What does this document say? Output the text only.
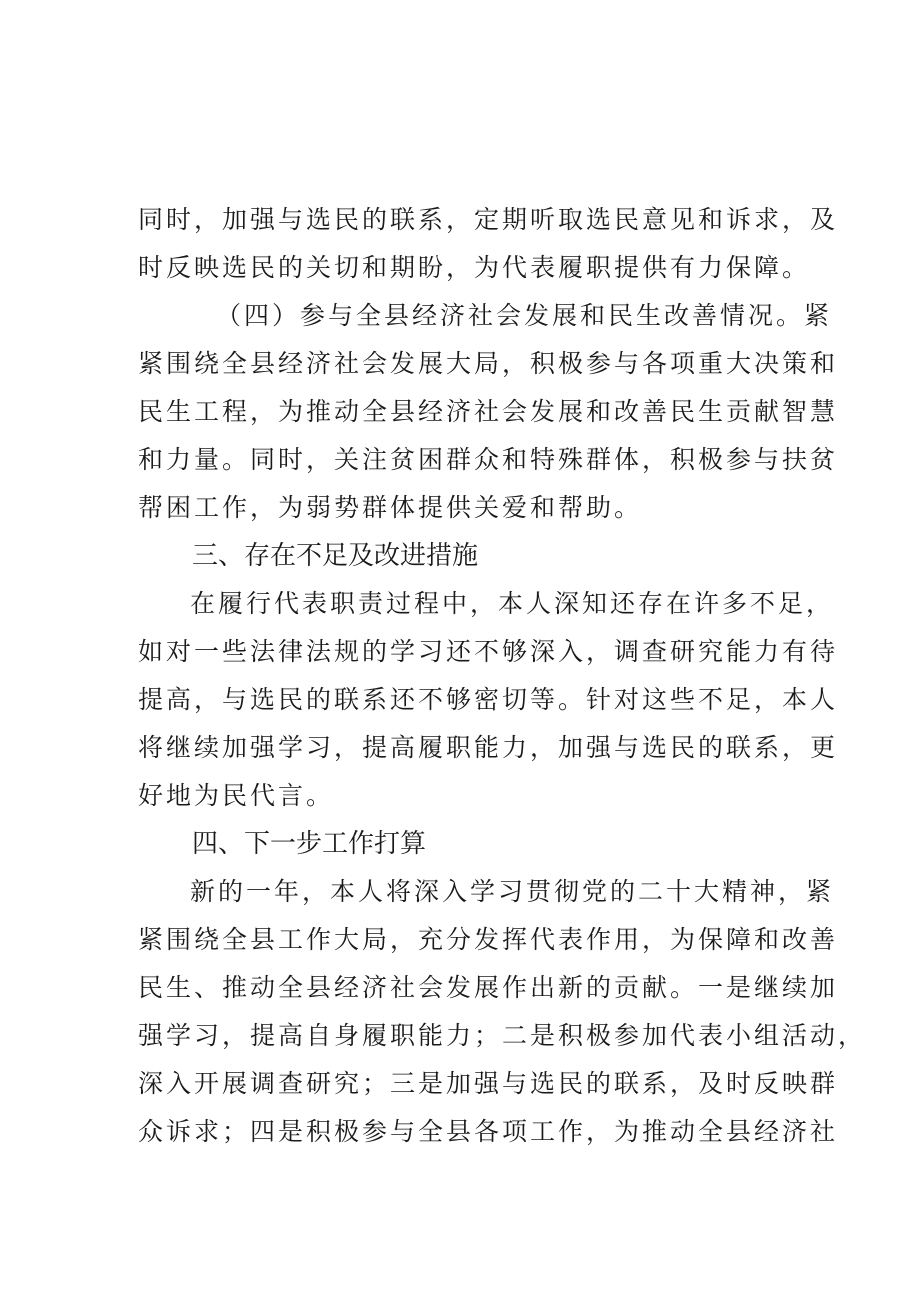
同时，加强与选民的联系，定期听取选民意见和诉求，及
时反映选民的关切和期盼，为代表履职提供有力保障。
（四）参与全县经济社会发展和民生改善情况。紧
紧围绕全县经济社会发展大局，积极参与各项重大决策和
民生工程，为推动全县经济社会发展和改善民生贡献智慧
和力量。同时，关注贫困群众和特殊群体，积极参与扶贫
帮困工作，为弱势群体提供关爱和帮助。
三、存在不足及改进措施
在履行代表职责过程中，本人深知还存在许多不足，
如对一些法律法规的学习还不够深入，调查研究能力有待
提高，与选民的联系还不够密切等。针对这些不足，本人
将继续加强学习，提高履职能力，加强与选民的联系，更
好地为民代言。
四、下一步工作打算
新的一年，本人将深入学习贯彻党的二十大精神，紧
紧围绕全县工作大局，充分发挥代表作用，为保障和改善
民生、推动全县经济社会发展作出新的贡献。一是继续加
强学习，提高自身履职能力；二是积极参加代表小组活动，
深入开展调查研究；三是加强与选民的联系，及时反映群
众诉求；四是积极参与全县各项工作，为推动全县经济社
